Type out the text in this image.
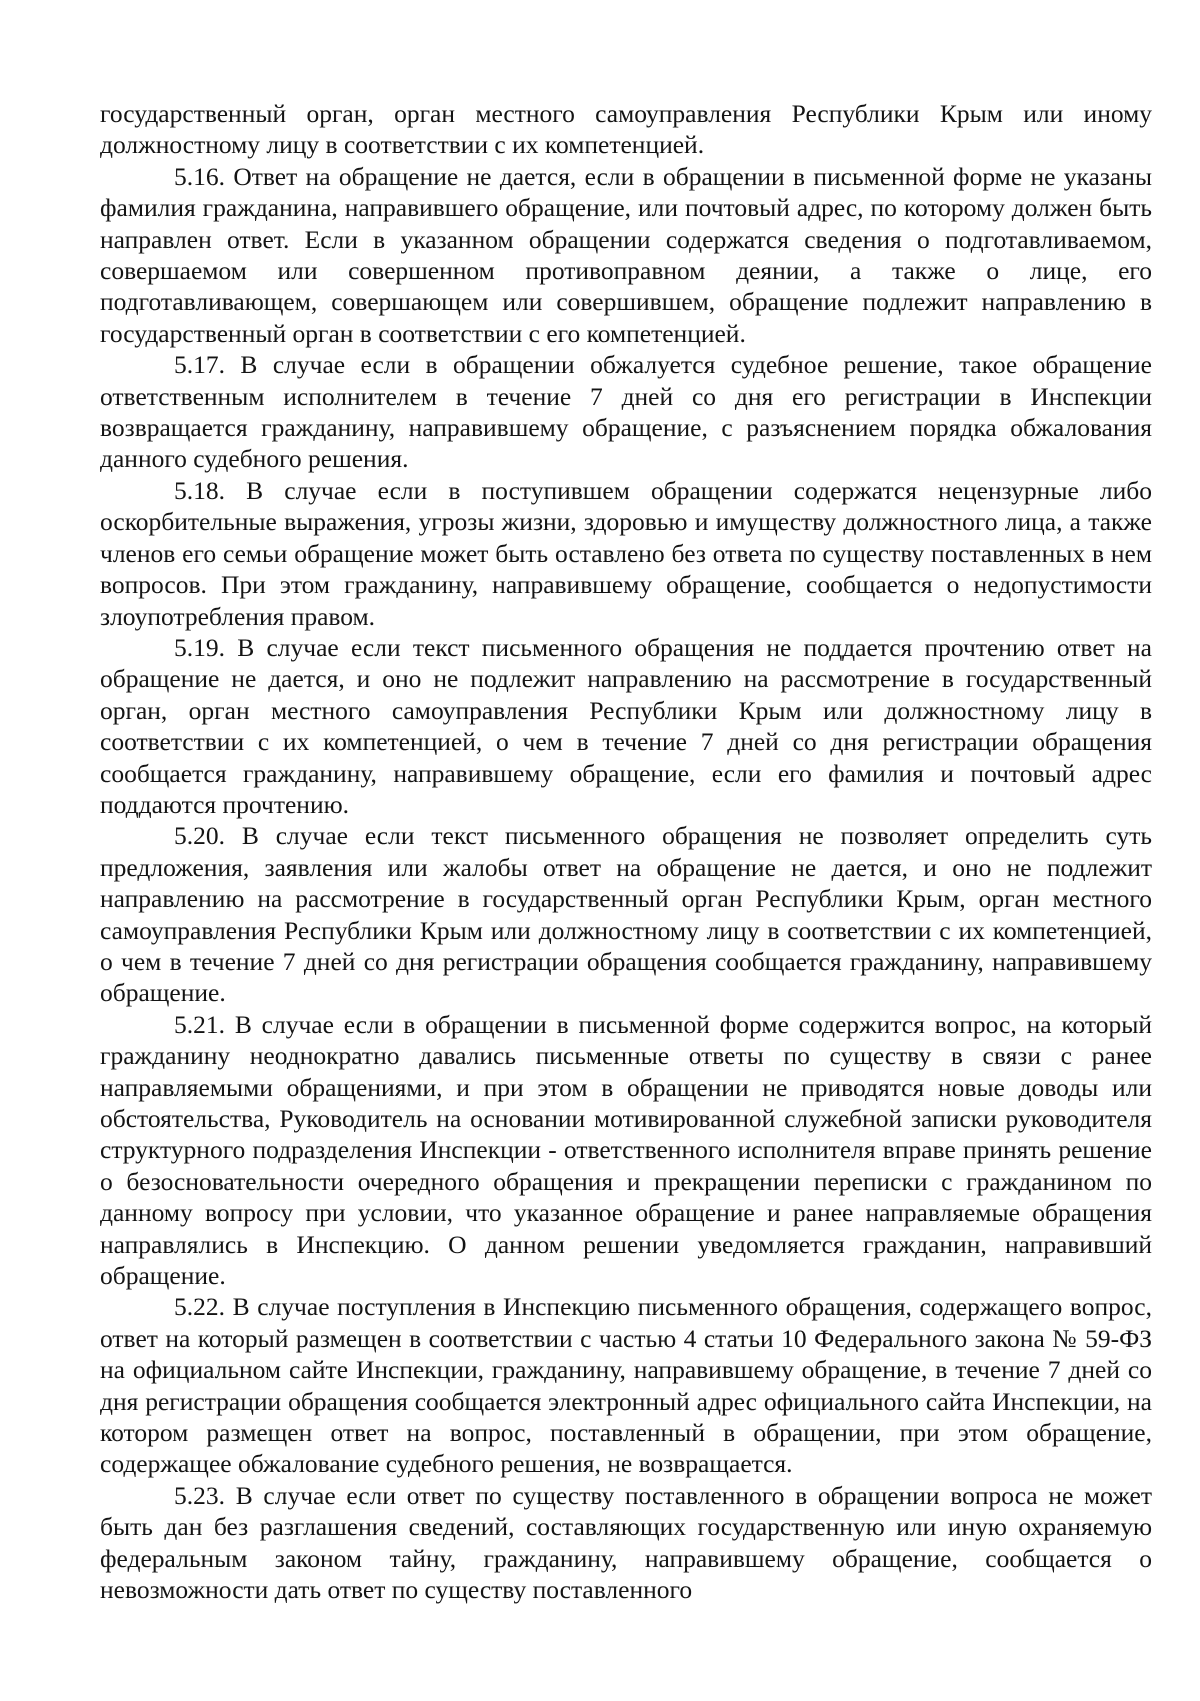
государственный орган, орган местного самоуправления Республики Крым или иному должностному лицу в соответствии с их компетенцией.

5.16. Ответ на обращение не дается, если в обращении в письменной форме не указаны фамилия гражданина, направившего обращение, или почтовый адрес, по которому должен быть направлен ответ. Если в указанном обращении содержатся сведения о подготавливаемом, совершаемом или совершенном противоправном деянии, а также о лице, его подготавливающем, совершающем или совершившем, обращение подлежит направлению в государственный орган в соответствии с его компетенцией.

5.17. В случае если в обращении обжалуется судебное решение, такое обращение ответственным исполнителем в течение 7 дней со дня его регистрации в Инспекции возвращается гражданину, направившему обращение, с разъяснением порядка обжалования данного судебного решения.

5.18. В случае если в поступившем обращении содержатся нецензурные либо оскорбительные выражения, угрозы жизни, здоровью и имуществу должностного лица, а также членов его семьи обращение может быть оставлено без ответа по существу поставленных в нем вопросов. При этом гражданину, направившему обращение, сообщается о недопустимости злоупотребления правом.

5.19. В случае если текст письменного обращения не поддается прочтению ответ на обращение не дается, и оно не подлежит направлению на рассмотрение в государственный орган, орган местного самоуправления Республики Крым или должностному лицу в соответствии с их компетенцией, о чем в течение 7 дней со дня регистрации обращения сообщается гражданину, направившему обращение, если его фамилия и почтовый адрес поддаются прочтению.

5.20. В случае если текст письменного обращения не позволяет определить суть предложения, заявления или жалобы ответ на обращение не дается, и оно не подлежит направлению на рассмотрение в государственный орган Республики Крым, орган местного самоуправления Республики Крым или должностному лицу в соответствии с их компетенцией, о чем в течение 7 дней со дня регистрации обращения сообщается гражданину, направившему обращение.

5.21. В случае если в обращении в письменной форме содержится вопрос, на который гражданину неоднократно давались письменные ответы по существу в связи с ранее направляемыми обращениями, и при этом в обращении не приводятся новые доводы или обстоятельства, Руководитель на основании мотивированной служебной записки руководителя структурного подразделения Инспекции - ответственного исполнителя вправе принять решение о безосновательности очередного обращения и прекращении переписки с гражданином по данному вопросу при условии, что указанное обращение и ранее направляемые обращения направлялись в Инспекцию. О данном решении уведомляется гражданин, направивший обращение.

5.22. В случае поступления в Инспекцию письменного обращения, содержащего вопрос, ответ на который размещен в соответствии с частью 4 статьи 10 Федерального закона № 59-ФЗ на официальном сайте Инспекции, гражданину, направившему обращение, в течение 7 дней со дня регистрации обращения сообщается электронный адрес официального сайта Инспекции, на котором размещен ответ на вопрос, поставленный в обращении, при этом обращение, содержащее обжалование судебного решения, не возвращается.

5.23. В случае если ответ по существу поставленного в обращении вопроса не может быть дан без разглашения сведений, составляющих государственную или иную охраняемую федеральным законом тайну, гражданину, направившему обращение, сообщается о невозможности дать ответ по существу поставленного
